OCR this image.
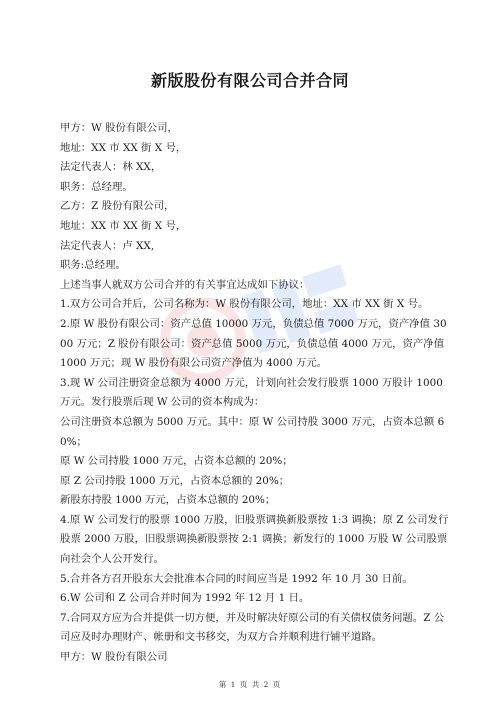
新版股份有限公司合并合同

甲方：W 股份有限公司，

地址：XX 市 XX 街 X 号，

法定代表人：林 XX，

职务：总经理。

乙方：Z 股份有限公司，

地址：XX 市 XX 街 X 号，

法定代表人：卢 XX,

职务:总经理。

上述当事人就双方公司合并的有关事宜达成如下协议：

1.双方公司合并后，公司名称为：W 股份有限公司，地址：XX 市 XX 街 X 号。

2.原 W 股份有限公司：资产总值 10000 万元，负债总值 7000 万元，资产净值 3000 万元；Z 股份有限公司：资产总值 5000 万元，负债总值 4000 万元，资产净值 1000 万元；现 W 股份有限公司资产净值为 4000 万元。

3.现 W 公司注册资金总额为 4000 万元，计划向社会发行股票 1000 万股计 1000 万元。发行股票后现 W 公司的资本构成为：

公司注册资本总额为 5000 万元。其中：原 W 公司持股 3000 万元，占资本总额 60%；

原 W 公司持股 1000 万元，占资本总额的 20%；

原 Z 公司持股 1000 万元，占资本总额的 20%；

新股东持股 1000 万元，占资本总额的 20%；

4.原 W 公司发行的股票 1000 万股，旧股票调换新股票按 1:3 调换；原 Z 公司发行股票 2000 万股，旧股票调换新股票按 2:1 调换；新发行的 1000 万股 W 公司股票向社会个人公开发行。

5.合并各方召开股东大会批准本合同的时间应当是 1992 年 10 月 30 日前。

6.W 公司和 Z 公司合并时间为 1992 年 12 月 1 日。

7.合同双方应为合并提供一切方便，并及时解决好原公司的有关债权债务问题。Z 公司应及时办理财产、帐册和文书移交，为双方合并顺利进行铺平道路。

甲方：W 股份有限公司

第 1 页 共 2 页
